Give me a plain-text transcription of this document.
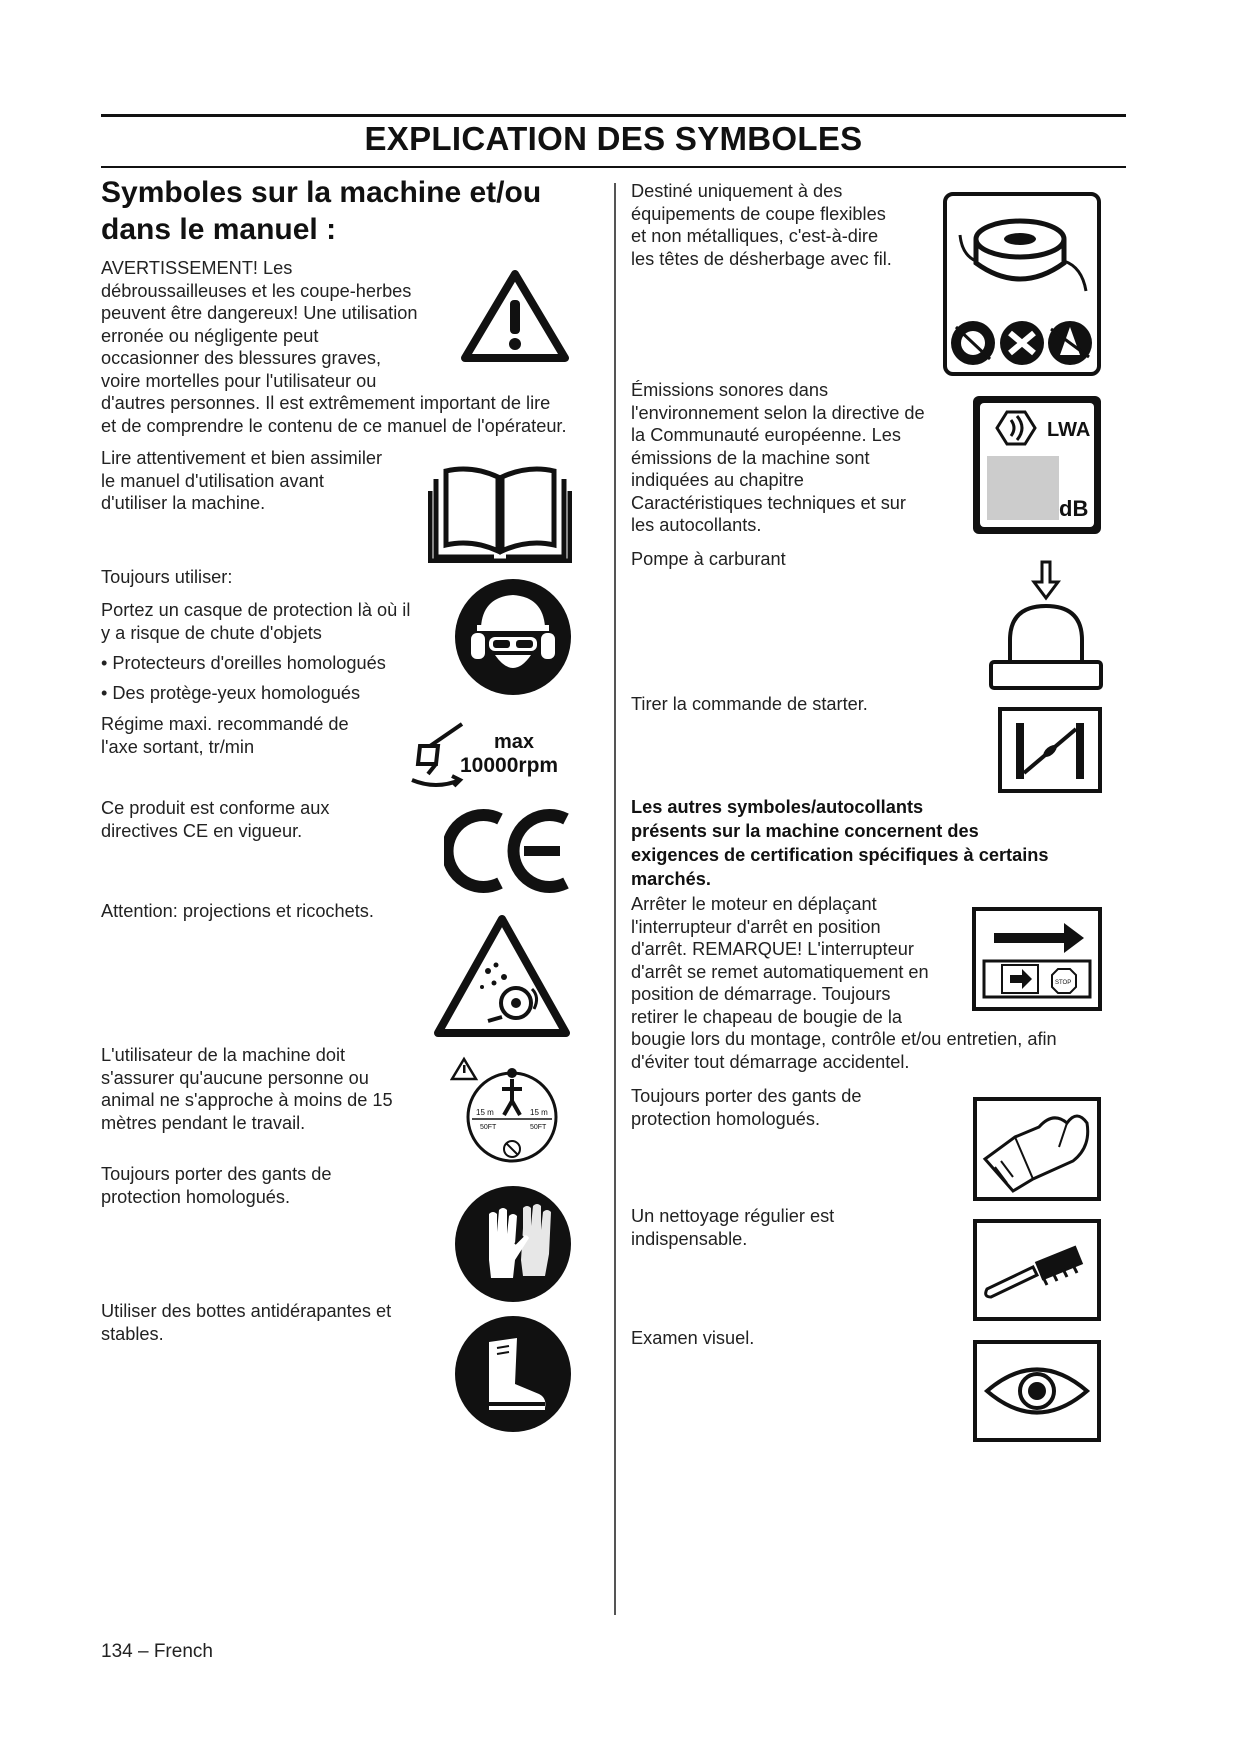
EXPLICATION DES SYMBOLES
Symboles sur la machine et/ou
dans le manuel :
AVERTISSEMENT! Les
débroussailleuses et les coupe-herbes
peuvent être dangereux! Une utilisation
erronée ou négligente peut
occasionner des blessures graves,
voire mortelles pour l'utilisateur ou
d'autres personnes. Il est extrêmement important de lire
et de comprendre le contenu de ce manuel de l'opérateur.
Lire attentivement et bien assimiler
le manuel d'utilisation avant
d'utiliser la machine.
Toujours utiliser:
Portez un casque de protection là où il
y a risque de chute d'objets
• Protecteurs d'oreilles homologués
• Des protège-yeux homologués
Régime maxi. recommandé de
l'axe sortant, tr/min	max
10000rpm
Ce produit est conforme aux
directives CE en vigueur.
Attention: projections et ricochets.
L'utilisateur de la machine doit
s'assurer qu'aucune personne ou
animal ne s'approche à moins de 15
mètres pendant le travail.	15 m	15 m
50FT	50FT
Toujours porter des gants de
protection homologués.
Utiliser des bottes antidérapantes et
stables.
Destiné uniquement à des
équipements de coupe flexibles
et non métalliques, c'est-à-dire
les têtes de désherbage avec fil.
Émissions sonores dans
l'environnement selon la directive de
la Communauté européenne. Les
émissions de la machine sont
indiquées au chapitre
Caractéristiques techniques et sur
les autocollants.
LWA
dB
Pompe à carburant
Tirer la commande de starter.
Les autres symboles/autocollants
présents sur la machine concernent des
exigences de certification spécifiques à certains
marchés.
Arrêter le moteur en déplaçant
l'interrupteur d'arrêt en position
d'arrêt. REMARQUE! L'interrupteur
d'arrêt se remet automatiquement en
position de démarrage. Toujours
retirer le chapeau de bougie de la
bougie lors du montage, contrôle et/ou entretien, afin
d'éviter tout démarrage accidentel.
STOP
Toujours porter des gants de
protection homologués.
Un nettoyage régulier est
indispensable.
Examen visuel.
134 – French
